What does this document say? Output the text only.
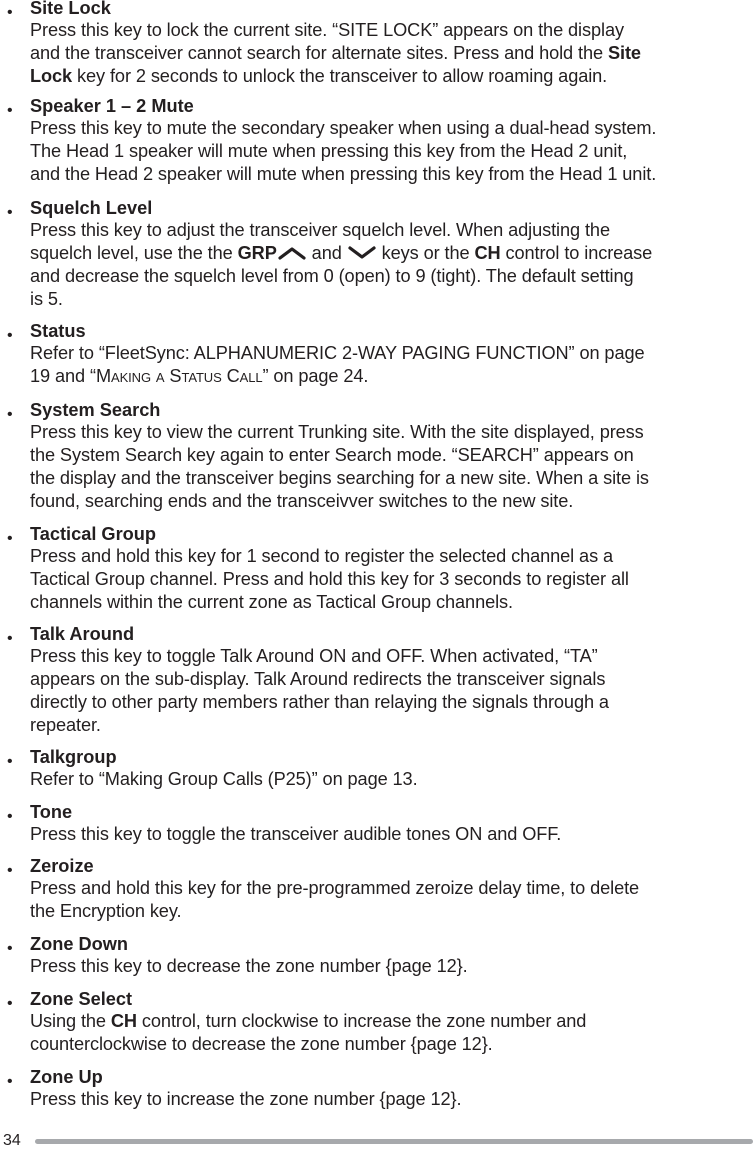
• Site Lock
Press this key to lock the current site. “SITE LOCK” appears on the display
and the transceiver cannot search for alternate sites. Press and hold the Site
Lock key for 2 seconds to unlock the transceiver to allow roaming again.
• Speaker 1 – 2 Mute
Press this key to mute the secondary speaker when using a dual-head system.
The Head 1 speaker will mute when pressing this key from the Head 2 unit,
and the Head 2 speaker will mute when pressing this key from the Head 1 unit.
• Squelch Level
Press this key to adjust the transceiver squelch level. When adjusting the
squelch level, use the the GRP and  keys or the CH control to increase
and decrease the squelch level from 0 (open) to 9 (tight). The default setting
is 5.
• Status
Refer to “FleetSync: ALPHANUMERIC 2-WAY PAGING FUNCTION” on page
19 and “Making a Status Call” on page 24.
• System Search
Press this key to view the current Trunking site. With the site displayed, press
the System Search key again to enter Search mode. “SEARCH” appears on
the display and the transceiver begins searching for a new site. When a site is
found, searching ends and the transceivver switches to the new site.
• Tactical Group
Press and hold this key for 1 second to register the selected channel as a
Tactical Group channel. Press and hold this key for 3 seconds to register all
channels within the current zone as Tactical Group channels.
• Talk Around
Press this key to toggle Talk Around ON and OFF. When activated, “TA”
appears on the sub-display. Talk Around redirects the transceiver signals
directly to other party members rather than relaying the signals through a
repeater.
• Talkgroup
Refer to “Making Group Calls (P25)” on page 13.
• Tone
Press this key to toggle the transceiver audible tones ON and OFF.
• Zeroize
Press and hold this key for the pre-programmed zeroize delay time, to delete
the Encryption key.
• Zone Down
Press this key to decrease the zone number {page 12}.
• Zone Select
Using the CH control, turn clockwise to increase the zone number and
counterclockwise to decrease the zone number {page 12}.
• Zone Up
Press this key to increase the zone number {page 12}.
34
